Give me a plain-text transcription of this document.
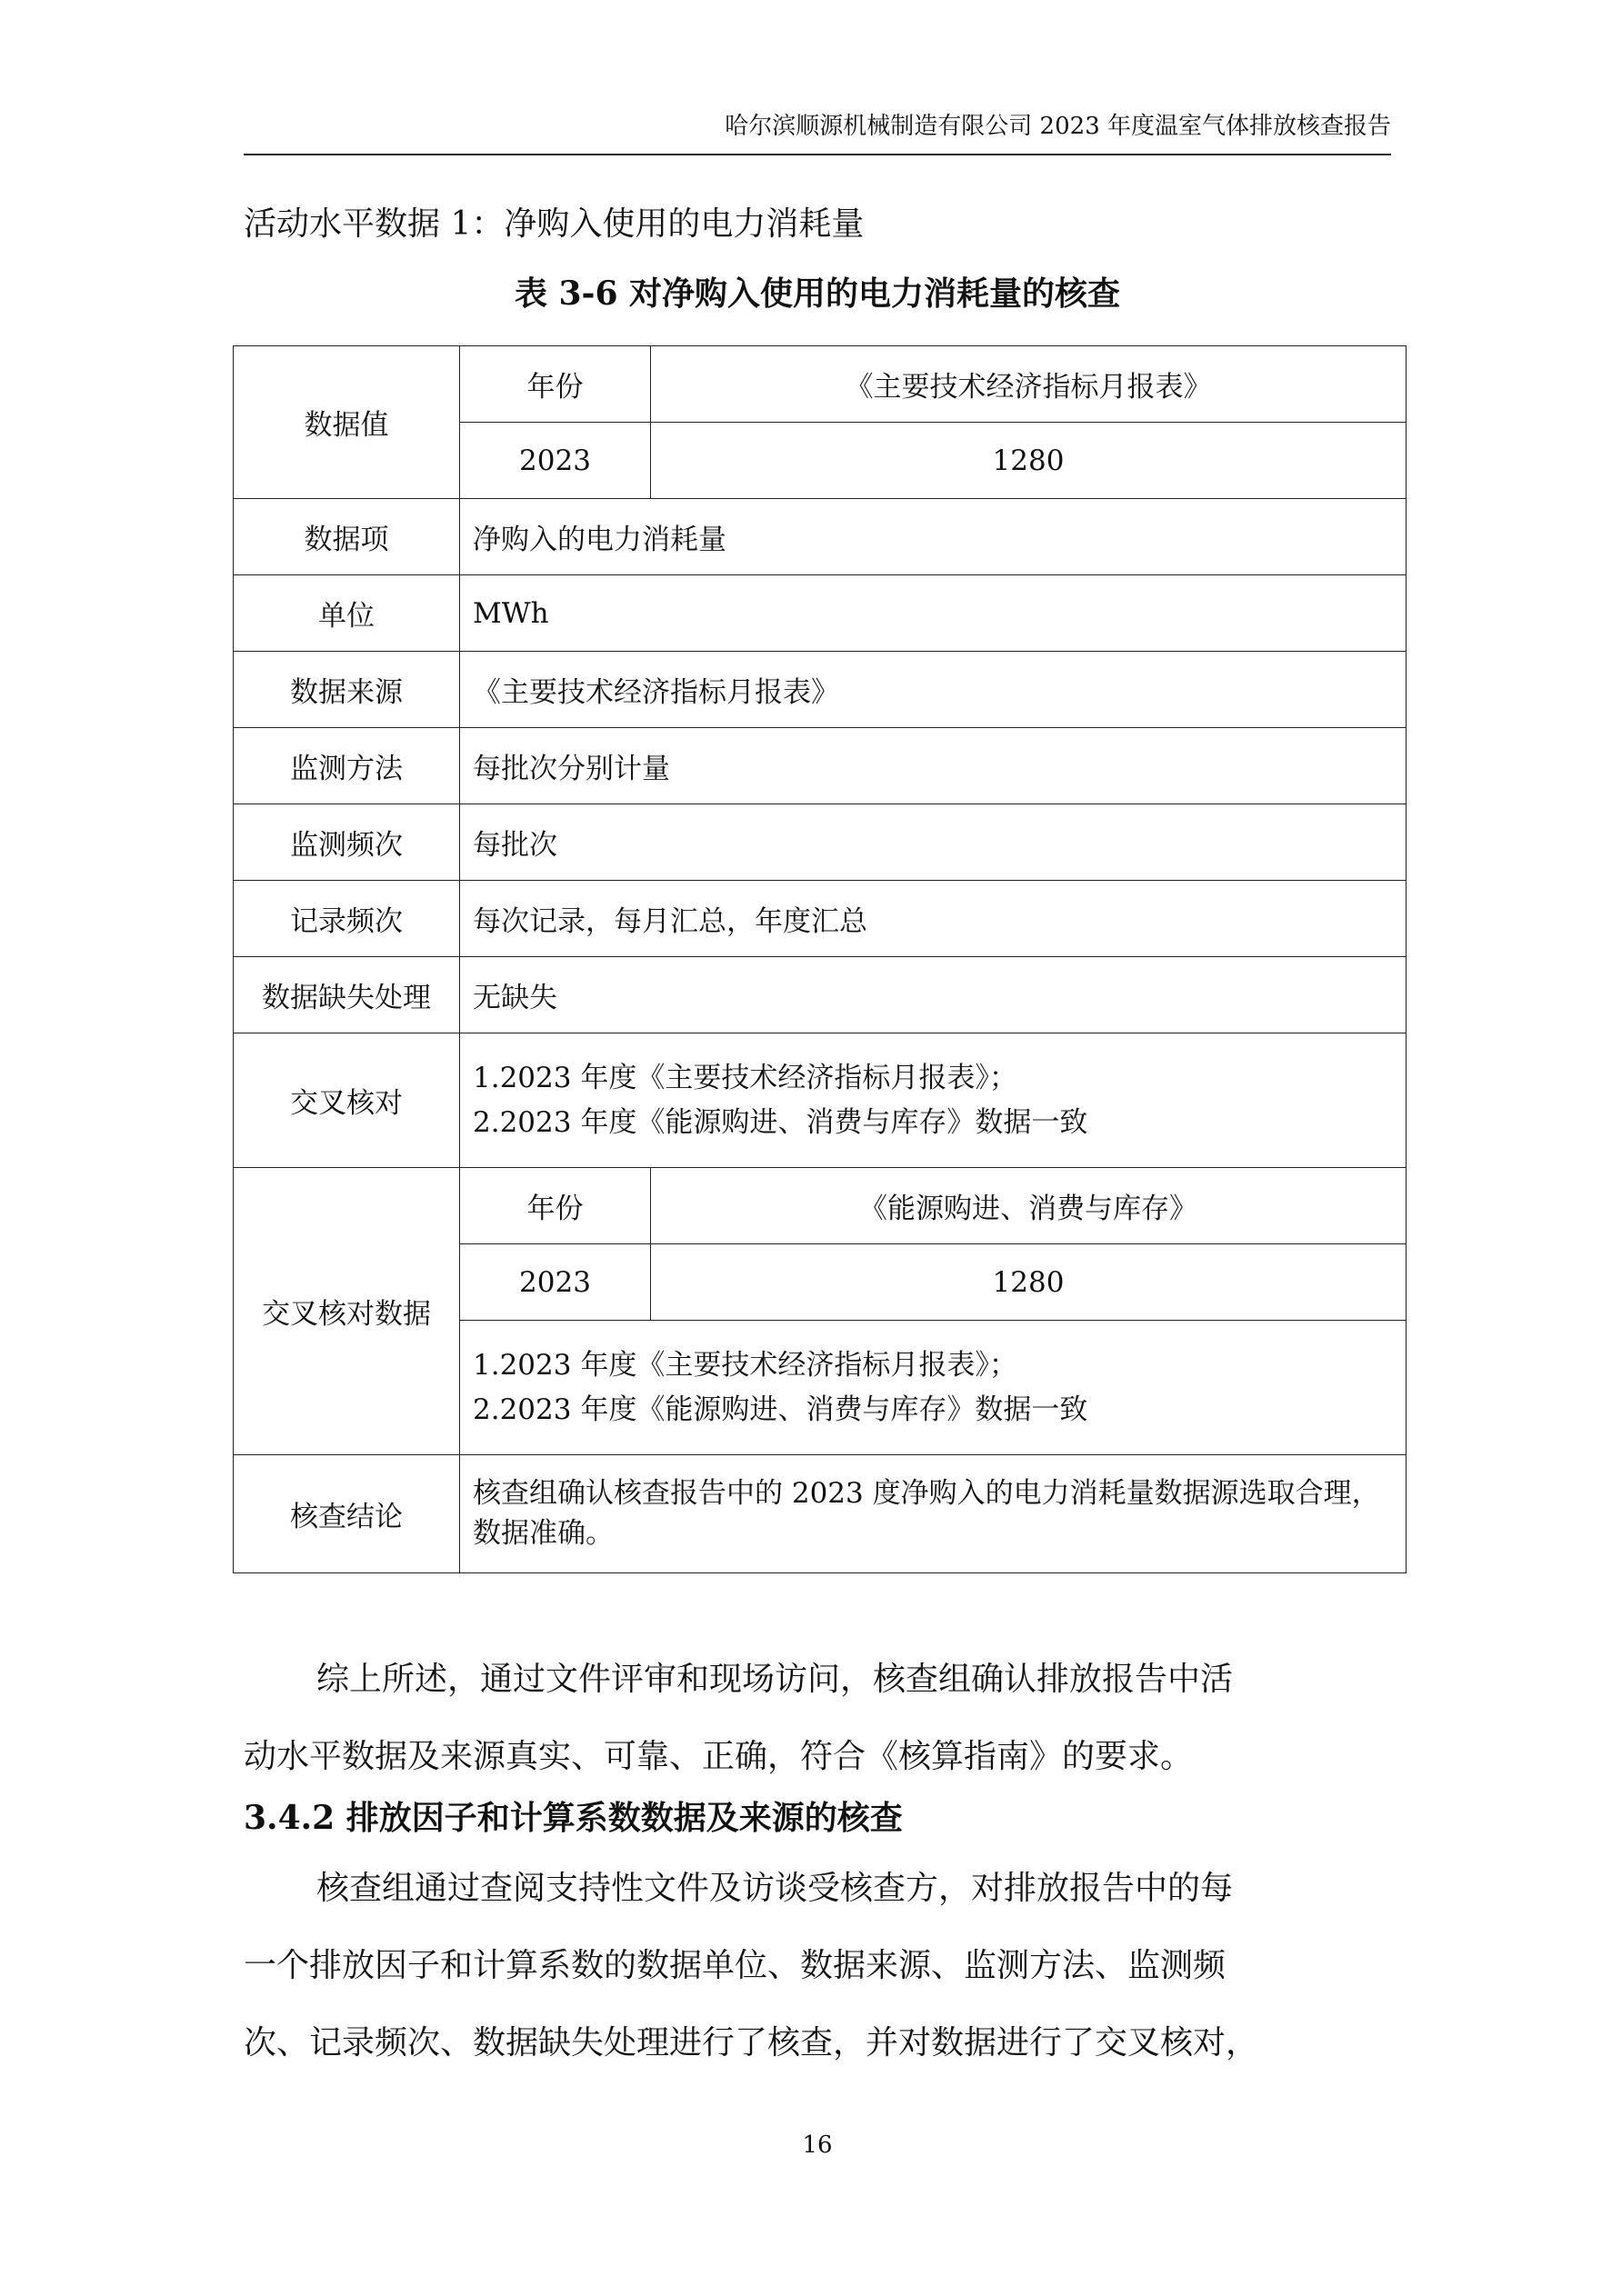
哈尔滨顺源机械制造有限公司 2023 年度温室气体排放核查报告
活动水平数据 1：净购入使用的电力消耗量
表 3-6 对净购入使用的电力消耗量的核查
数据值	年份	《主要技术经济指标月报表》
	2023	1280
数据项	净购入的电力消耗量	
单位	MWh	
数据来源	《主要技术经济指标月报表》	
监测方法	每批次分别计量	
监测频次	每批次	
记录频次	每次记录，每月汇总，年度汇总	
数据缺失处理	无缺失	
交叉核对	1.2023 年度《主要技术经济指标月报表》；
2.2023 年度《能源购进、消费与库存》数据一致	

交叉核对数据	年份	《能源购进、消费与库存》
	2023	1280

	1.2023 年度《主要技术经济指标月报表》；
2.2023 年度《能源购进、消费与库存》数据一致	

核查结论	核查组确认核查报告中的 2023 度净购入的电力消耗量数据源选取合理，数据准确。	
综上所述，通过文件评审和现场访问，核查组确认排放报告中活
动水平数据及来源真实、可靠、正确，符合《核算指南》的要求。
3.4.2 排放因子和计算系数数据及来源的核查
核查组通过查阅支持性文件及访谈受核查方，对排放报告中的每
一个排放因子和计算系数的数据单位、数据来源、监测方法、监测频
次、记录频次、数据缺失处理进行了核查，并对数据进行了交叉核对，
16
